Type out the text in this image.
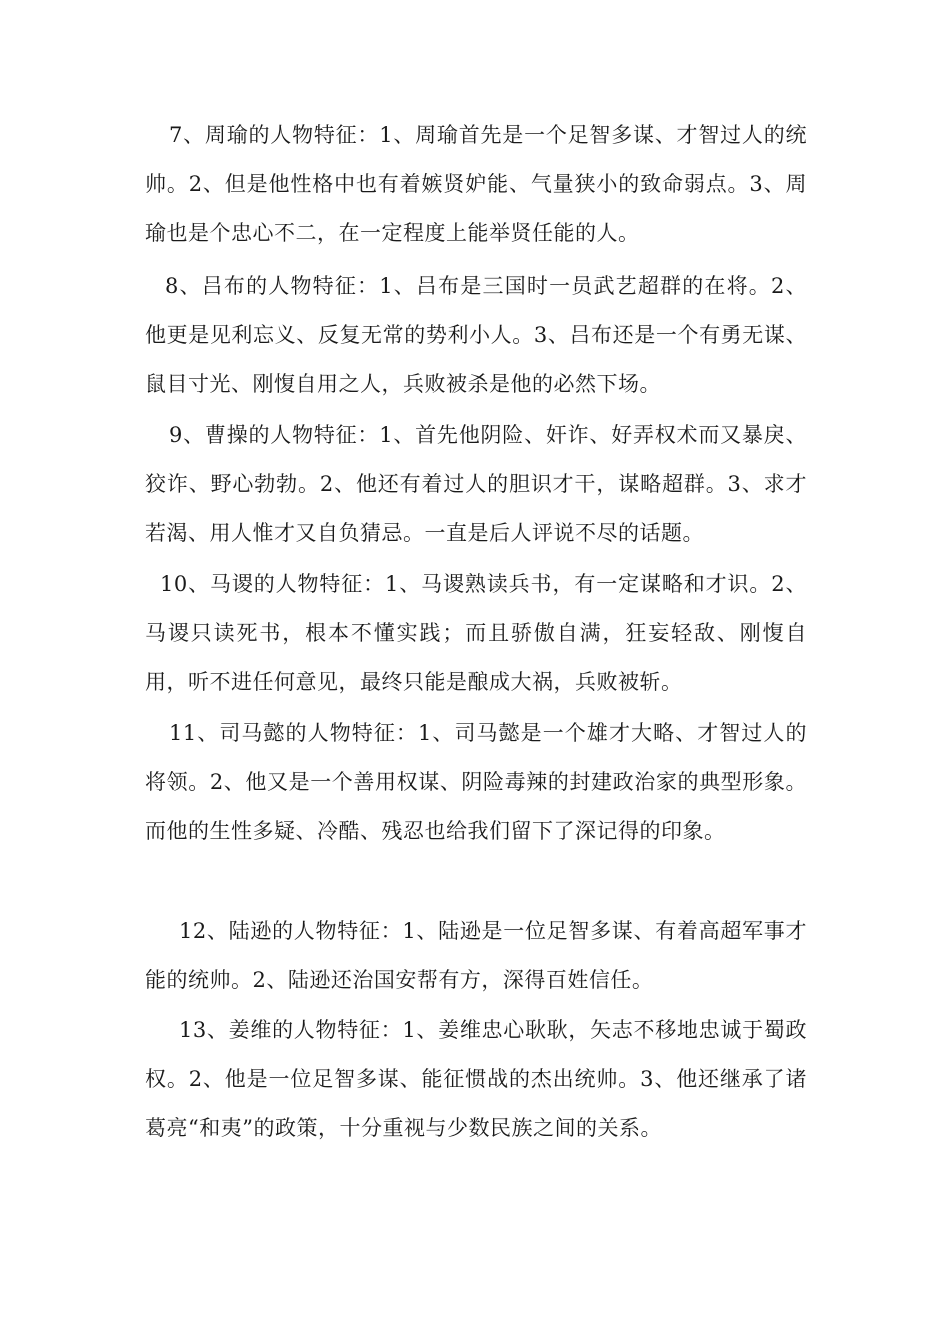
7、周瑜的人物特征：1、周瑜首先是一个足智多谋、才智过人的统帅。2、但是他性格中也有着嫉贤妒能、气量狭小的致命弱点。3、周瑜也是个忠心不二，在一定程度上能举贤任能的人。

8、吕布的人物特征：1、吕布是三国时一员武艺超群的在将。2、他更是见利忘义、反复无常的势利小人。3、吕布还是一个有勇无谋、鼠目寸光、刚愎自用之人，兵败被杀是他的必然下场。

9、曹操的人物特征：1、首先他阴险、奸诈、好弄权术而又暴戾、狡诈、野心勃勃。2、他还有着过人的胆识才干，谋略超群。3、求才若渴、用人惟才又自负猜忌。一直是后人评说不尽的话题。

10、马谡的人物特征：1、马谡熟读兵书，有一定谋略和才识。2、马谡只读死书，根本不懂实践；而且骄傲自满，狂妄轻敌、刚愎自用，听不进任何意见，最终只能是酿成大祸，兵败被斩。

11、司马懿的人物特征：1、司马懿是一个雄才大略、才智过人的将领。2、他又是一个善用权谋、阴险毒辣的封建政治家的典型形象。而他的生性多疑、冷酷、残忍也给我们留下了深记得的印象。

12、陆逊的人物特征：1、陆逊是一位足智多谋、有着高超军事才能的统帅。2、陆逊还治国安帮有方，深得百姓信任。

13、姜维的人物特征：1、姜维忠心耿耿，矢志不移地忠诚于蜀政权。2、他是一位足智多谋、能征惯战的杰出统帅。3、他还继承了诸葛亮“和夷”的政策，十分重视与少数民族之间的关系。
